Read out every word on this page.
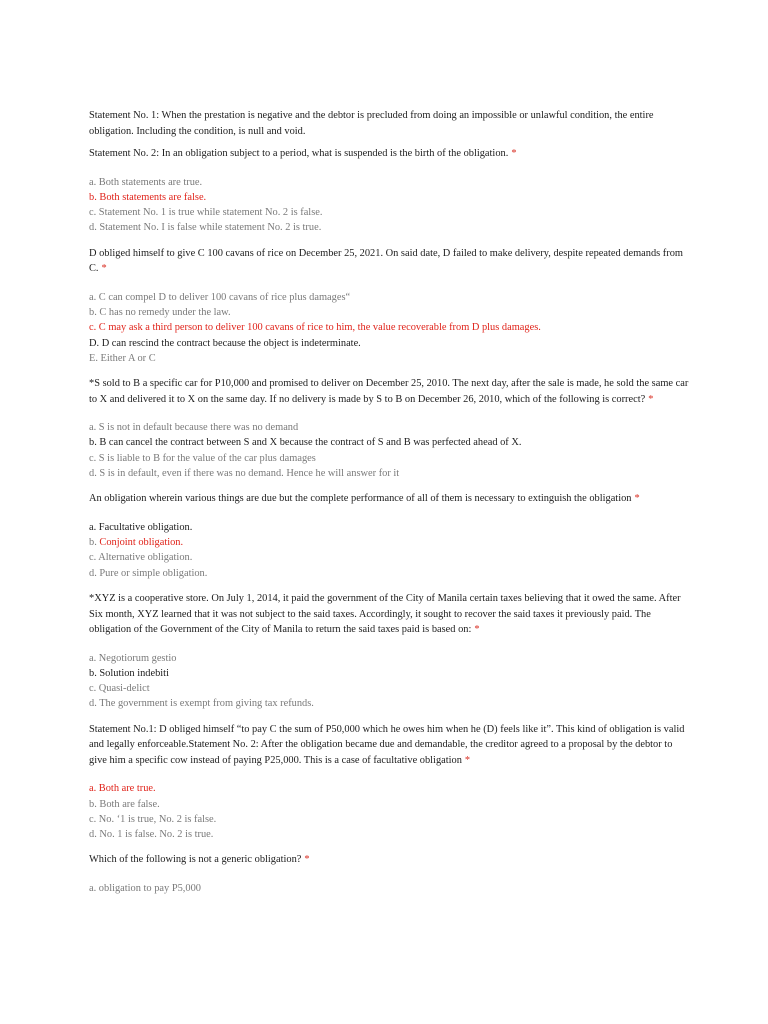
Statement No. 1: When the prestation is negative and the debtor is precluded from doing an impossible or unlawful condition, the entire obligation. Including the condition, is null and void.

Statement No. 2: In an obligation subject to a period, what is suspended is the birth of the obligation. *

a. Both statements are true.
b. Both statements are false.
c. Statement No. 1 is true while statement No. 2 is false.
d. Statement No. I is false while statement No. 2 is true.

D obliged himself to give C 100 cavans of rice on December 25, 2021. On said date, D failed to make delivery, despite repeated demands from C. *

a. C can compel D to deliver 100 cavans of rice plus damages“
b. C has no remedy under the law.
c. C may ask a third person to deliver 100 cavans of rice to him, the value recoverable from D plus damages.
D. D can rescind the contract because the object is indeterminate.
E. Either A or C

*S sold to B a specific car for P10,000 and promised to deliver on December 25, 2010. The next day, after the sale is made, he sold the same car to X and delivered it to X on the same day. If no delivery is made by S to B on December 26, 2010, which of the following is correct? *

a. S is not in default because there was no demand
b. B can cancel the contract between S and X because the contract of S and B was perfected ahead of X.
c. S is liable to B for the value of the car plus damages
d. S is in default, even if there was no demand. Hence he will answer for it

An obligation wherein various things are due but the complete performance of all of them is necessary to extinguish the obligation *

a. Facultative obligation.
b. Conjoint obligation.
c. Alternative obligation.
d. Pure or simple obligation.

*XYZ is a cooperative store. On July 1, 2014, it paid the government of the City of Manila certain taxes believing that it owed the same. After Six month, XYZ learned that it was not subject to the said taxes. Accordingly, it sought to recover the said taxes it previously paid. The obligation of the Government of the City of Manila to return the said taxes paid is based on: *

a. Negotiorum gestio
b. Solution indebiti
c. Quasi-delict
d. The government is exempt from giving tax refunds.

Statement No.1: D obliged himself “to pay C the sum of P50,000 which he owes him when he (D) feels like it”. This kind of obligation is valid and legally enforceable.Statement No. 2: After the obligation became due and demandable, the creditor agreed to a proposal by the debtor to give him a specific cow instead of paying P25,000. This is a case of facultative obligation *

a. Both are true.
b. Both are false.
c. No. ‘1 is true, No. 2 is false.
d. No. 1 is false. No. 2 is true.

Which of the following is not a generic obligation? *

a. obligation to pay P5,000
